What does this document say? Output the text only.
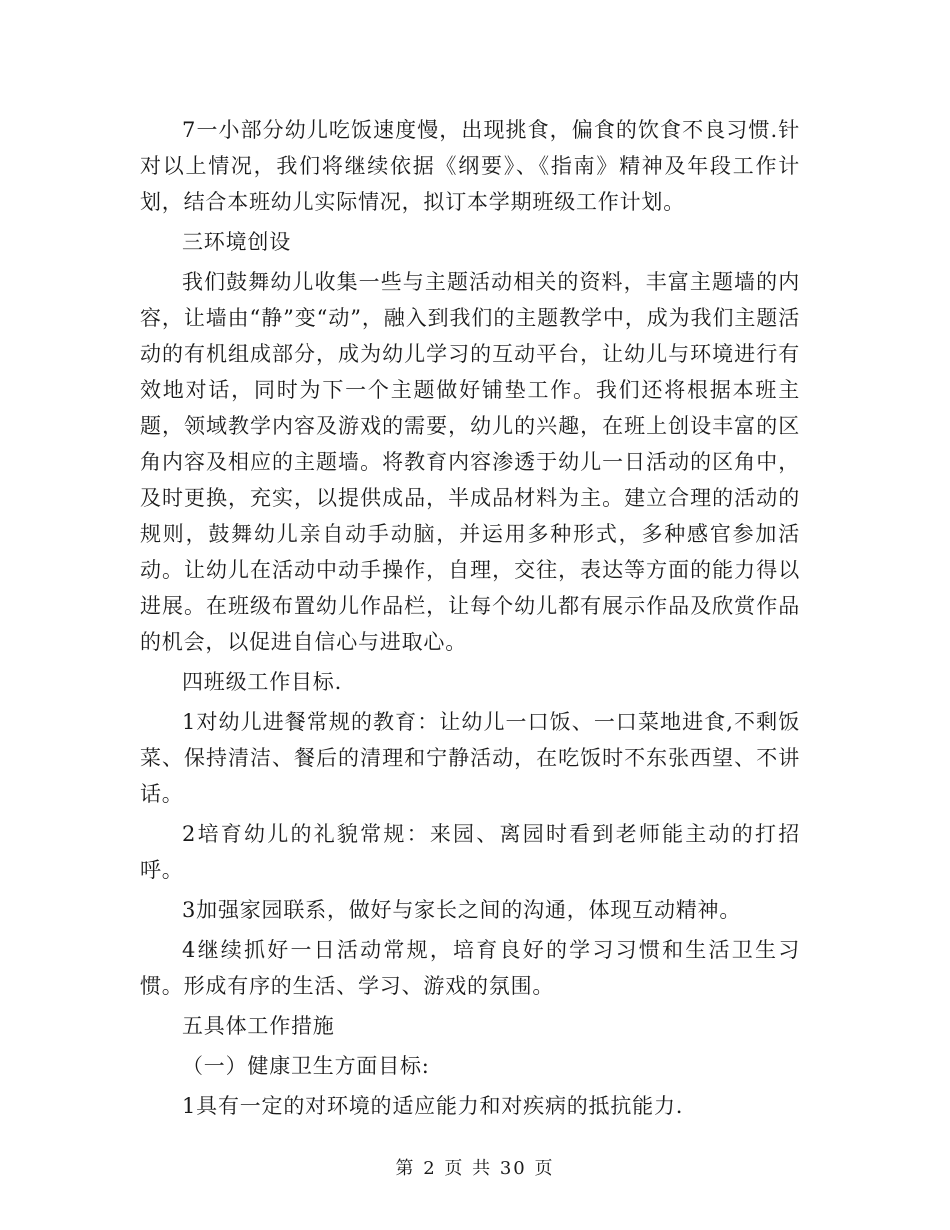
7一小部分幼儿吃饭速度慢，出现挑食，偏食的饮食不良习惯.针对以上情况，我们将继续依据《纲要》、《指南》精神及年段工作计划，结合本班幼儿实际情况，拟订本学期班级工作计划。

三环境创设

我们鼓舞幼儿收集一些与主题活动相关的资料，丰富主题墙的内容，让墙由“静”变“动”，融入到我们的主题教学中，成为我们主题活动的有机组成部分，成为幼儿学习的互动平台，让幼儿与环境进行有效地对话，同时为下一个主题做好铺垫工作。我们还将根据本班主题，领域教学内容及游戏的需要，幼儿的兴趣，在班上创设丰富的区角内容及相应的主题墙。将教育内容渗透于幼儿一日活动的区角中，及时更换，充实，以提供成品，半成品材料为主。建立合理的活动的规则，鼓舞幼儿亲自动手动脑，并运用多种形式，多种感官参加活动。让幼儿在活动中动手操作，自理，交往，表达等方面的能力得以进展。在班级布置幼儿作品栏，让每个幼儿都有展示作品及欣赏作品的机会，以促进自信心与进取心。

四班级工作目标.

1对幼儿进餐常规的教育：让幼儿一口饭、一口菜地进食,不剩饭菜、保持清洁、餐后的清理和宁静活动，在吃饭时不东张西望、不讲话。

2培育幼儿的礼貌常规：来园、离园时看到老师能主动的打招呼。

3加强家园联系，做好与家长之间的沟通，体现互动精神。

4继续抓好一日活动常规，培育良好的学习习惯和生活卫生习惯。形成有序的生活、学习、游戏的氛围。

五具体工作措施

（一）健康卫生方面目标:

1具有一定的对环境的适应能力和对疾病的抵抗能力.

第 2 页 共 30 页
